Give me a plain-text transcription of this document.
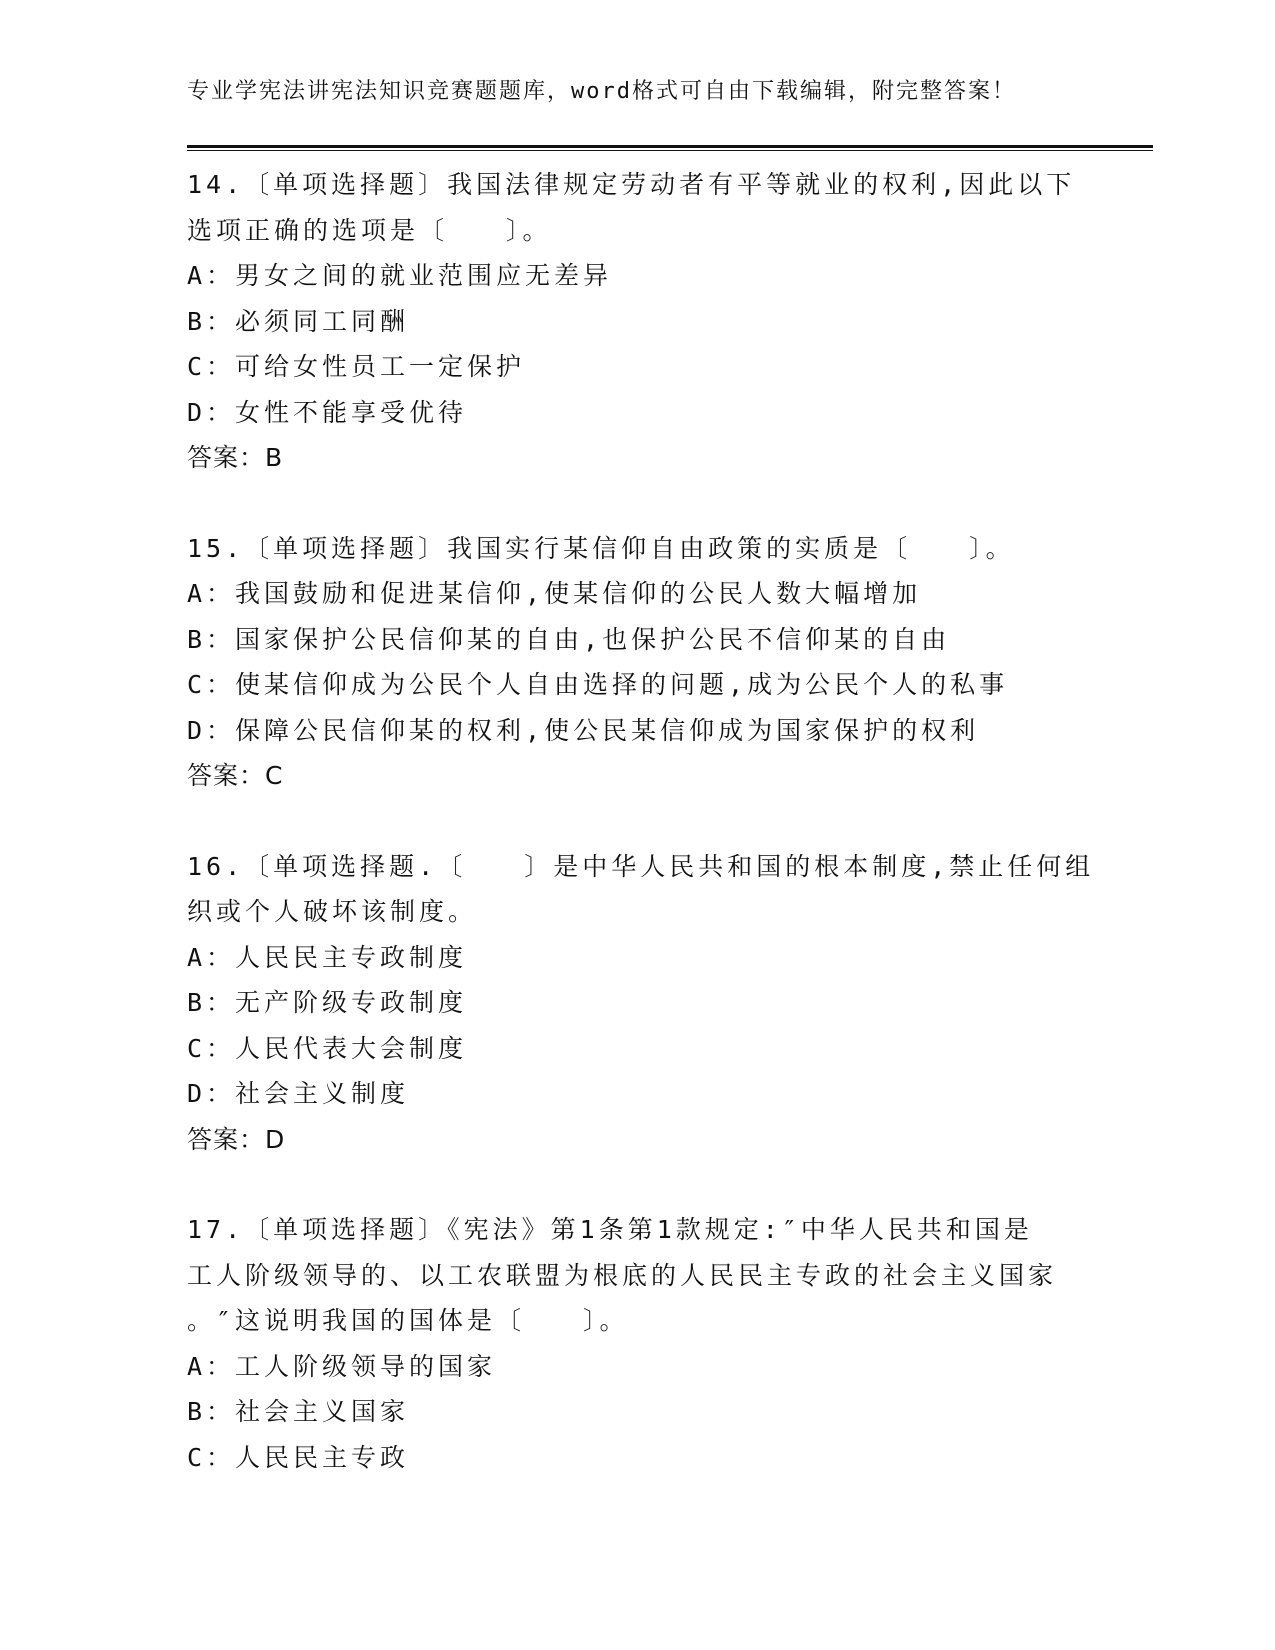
专业学宪法讲宪法知识竞赛题题库，word格式可自由下载编辑，附完整答案！
14.〔单项选择题〕我国法律规定劳动者有平等就业的权利,因此以下
选项正确的选项是〔　　〕。
A：男女之间的就业范围应无差异
B：必须同工同酬
C：可给女性员工一定保护
D：女性不能享受优待
答案：B
15.〔单项选择题〕我国实行某信仰自由政策的实质是〔　　〕。
A：我国鼓励和促进某信仰,使某信仰的公民人数大幅增加
B：国家保护公民信仰某的自由,也保护公民不信仰某的自由
C：使某信仰成为公民个人自由选择的问题,成为公民个人的私事
D：保障公民信仰某的权利,使公民某信仰成为国家保护的权利
答案：C
16.〔单项选择题.〔　　〕是中华人民共和国的根本制度,禁止任何组
织或个人破坏该制度。
A：人民民主专政制度
B：无产阶级专政制度
C：人民代表大会制度
D：社会主义制度
答案：D
17.〔单项选择题〕《宪法》第1条第1款规定:″中华人民共和国是
工人阶级领导的、以工农联盟为根底的人民民主专政的社会主义国家
。″这说明我国的国体是〔　　〕。
A：工人阶级领导的国家
B：社会主义国家
C：人民民主专政
